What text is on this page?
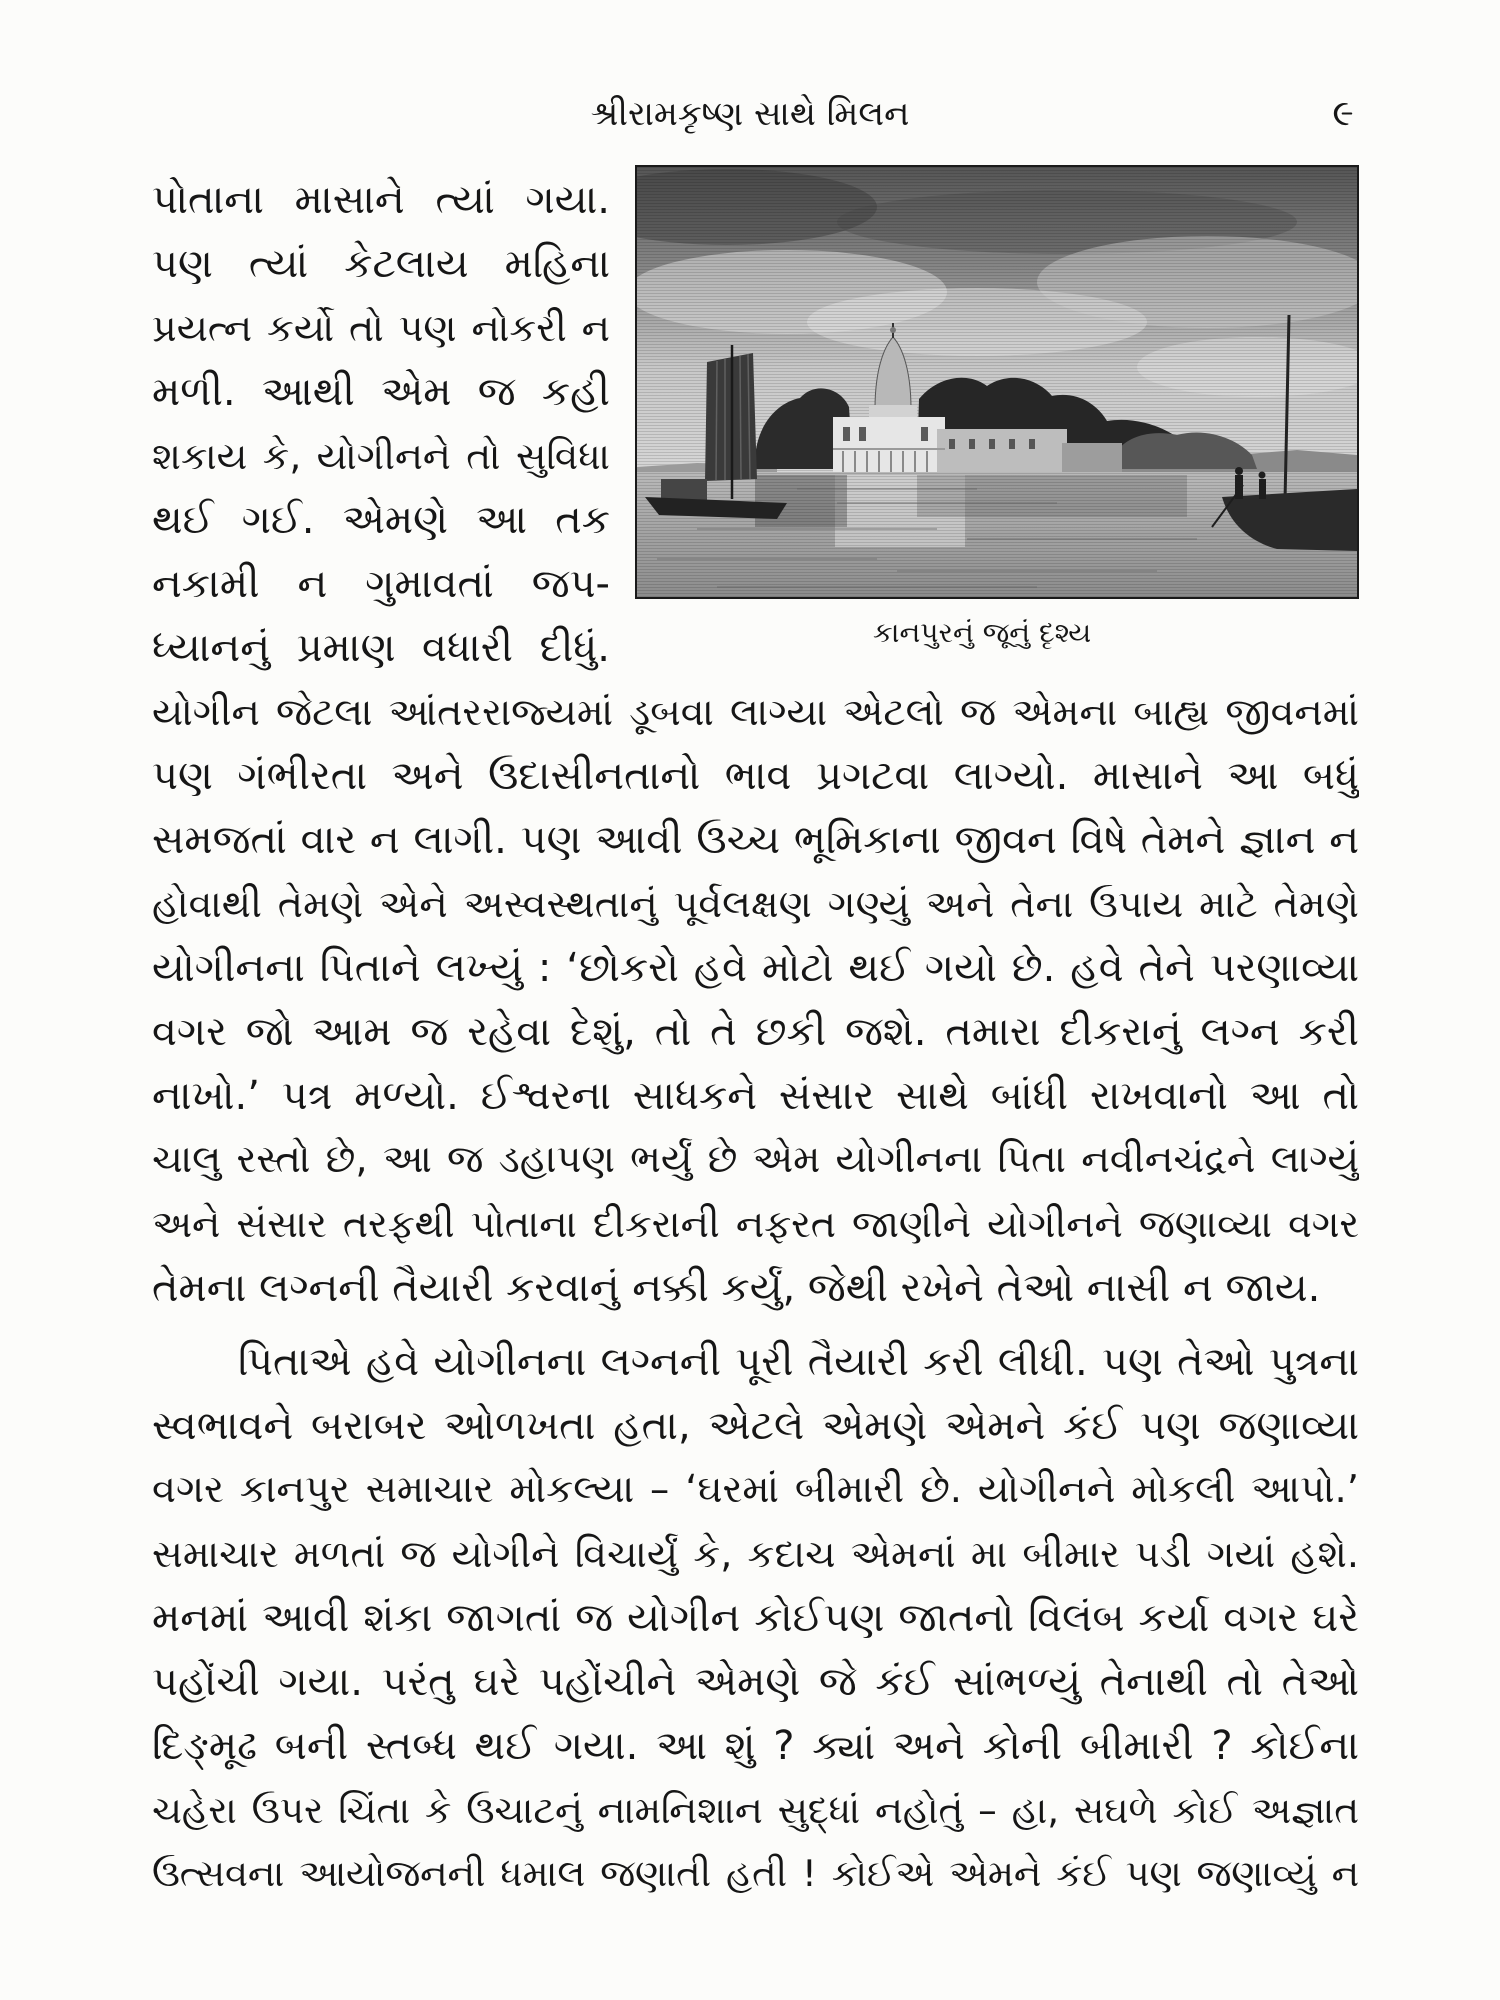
શ્રીરામકૃષ્ણ સાથે મિલન	૯
કાનપુરનું જૂનું દૃશ્ય
પોતાના માસાને ત્યાં ગયા.
પણ ત્યાં કેટલાય મહિના
પ્રયત્ન કર્યો તો પણ નોકરી ન
મળી. આથી એમ જ કહી
શકાય કે, યોગીનને તો સુવિધા
થઈ ગઈ. એમણે આ તક
નકામી ન ગુમાવતાં જપ-
ધ્યાનનું પ્રમાણ વધારી દીધું.
યોગીન જેટલા આંતરરાજ્યમાં ડૂબવા લાગ્યા એટલો જ એમના બાહ્ય જીવનમાં
પણ ગંભીરતા અને ઉદાસીનતાનો ભાવ પ્રગટવા લાગ્યો. માસાને આ બધું
સમજતાં વાર ન લાગી. પણ આવી ઉચ્ચ ભૂમિકાના જીવન વિષે તેમને જ્ઞાન ન
હોવાથી તેમણે એને અસ્વસ્થતાનું પૂર્વલક્ષણ ગણ્યું અને તેના ઉપાય માટે તેમણે
યોગીનના પિતાને લખ્યું : ‘છોકરો હવે મોટો થઈ ગયો છે. હવે તેને પરણાવ્યા
વગર જો આમ જ રહેવા દેશું, તો તે છકી જશે. તમારા દીકરાનું લગ્ન કરી
નાખો.’ પત્ર મળ્યો. ઈશ્વરના સાધકને સંસાર સાથે બાંધી રાખવાનો આ તો
ચાલુ રસ્તો છે, આ જ ડહાપણ ભર્યું છે એમ યોગીનના પિતા નવીનચંદ્રને લાગ્યું
અને સંસાર તરફથી પોતાના દીકરાની નફરત જાણીને યોગીનને જણાવ્યા વગર
તેમના લગ્નની તૈયારી કરવાનું નક્કી કર્યું, જેથી રખેને તેઓ નાસી ન જાય.
પિતાએ હવે યોગીનના લગ્નની પૂરી તૈયારી કરી લીધી. પણ તેઓ પુત્રના
સ્વભાવને બરાબર ઓળખતા હતા, એટલે એમણે એમને કંઈ પણ જણાવ્યા
વગર કાનપુર સમાચાર મોકલ્યા – ‘ઘરમાં બીમારી છે. યોગીનને મોકલી આપો.’
સમાચાર મળતાં જ યોગીને વિચાર્યું કે, કદાચ એમનાં મા બીમાર પડી ગયાં હશે.
મનમાં આવી શંકા જાગતાં જ યોગીન કોઈપણ જાતનો વિલંબ કર્યા વગર ઘરે
પહોંચી ગયા. પરંતુ ઘરે પહોંચીને એમણે જે કંઈ સાંભળ્યું તેનાથી તો તેઓ
દિઙ્મૂઢ બની સ્તબ્ધ થઈ ગયા. આ શું ? ક્યાં અને કોની બીમારી ? કોઈના
ચહેરા ઉપર ચિંતા કે ઉચાટનું નામનિશાન સુદ્ધાં નહોતું – હા, સઘળે કોઈ અજ્ઞાત
ઉત્સવના આયોજનની ધમાલ જણાતી હતી ! કોઈએ એમને કંઈ પણ જણાવ્યું ન
